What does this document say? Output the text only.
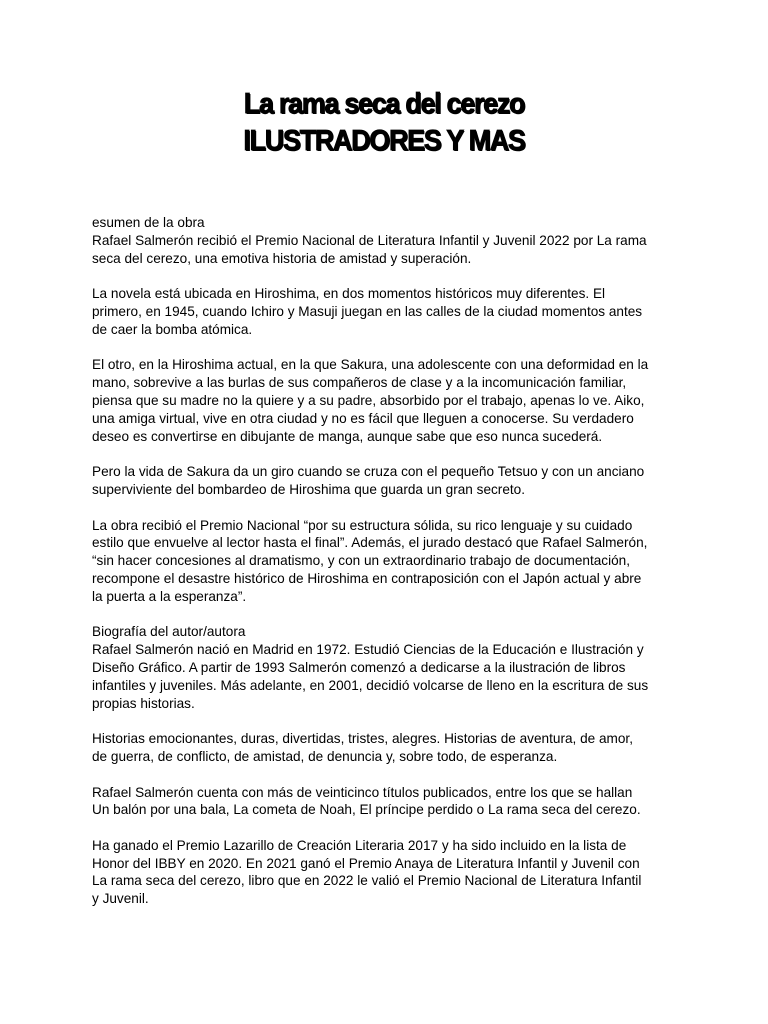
La rama seca del cerezo
ILUSTRADORES Y MAS

esumen de la obra
Rafael Salmerón recibió el Premio Nacional de Literatura Infantil y Juvenil 2022 por La rama
seca del cerezo, una emotiva historia de amistad y superación.

La novela está ubicada en Hiroshima, en dos momentos históricos muy diferentes. El
primero, en 1945, cuando Ichiro y Masuji juegan en las calles de la ciudad momentos antes
de caer la bomba atómica.

El otro, en la Hiroshima actual, en la que Sakura, una adolescente con una deformidad en la
mano, sobrevive a las burlas de sus compañeros de clase y a la incomunicación familiar,
piensa que su madre no la quiere y a su padre, absorbido por el trabajo, apenas lo ve. Aiko,
una amiga virtual, vive en otra ciudad y no es fácil que lleguen a conocerse. Su verdadero
deseo es convertirse en dibujante de manga, aunque sabe que eso nunca sucederá.

Pero la vida de Sakura da un giro cuando se cruza con el pequeño Tetsuo y con un anciano
superviviente del bombardeo de Hiroshima que guarda un gran secreto.

La obra recibió el Premio Nacional “por su estructura sólida, su rico lenguaje y su cuidado
estilo que envuelve al lector hasta el final”. Además, el jurado destacó que Rafael Salmerón,
“sin hacer concesiones al dramatismo, y con un extraordinario trabajo de documentación,
recompone el desastre histórico de Hiroshima en contraposición con el Japón actual y abre
la puerta a la esperanza”.

Biografía del autor/autora
Rafael Salmerón nació en Madrid en 1972. Estudió Ciencias de la Educación e Ilustración y
Diseño Gráfico. A partir de 1993 Salmerón comenzó a dedicarse a la ilustración de libros
infantiles y juveniles. Más adelante, en 2001, decidió volcarse de lleno en la escritura de sus
propias historias.

Historias emocionantes, duras, divertidas, tristes, alegres. Historias de aventura, de amor,
de guerra, de conflicto, de amistad, de denuncia y, sobre todo, de esperanza.

Rafael Salmerón cuenta con más de veinticinco títulos publicados, entre los que se hallan
Un balón por una bala, La cometa de Noah, El príncipe perdido o La rama seca del cerezo.

Ha ganado el Premio Lazarillo de Creación Literaria 2017 y ha sido incluido en la lista de
Honor del IBBY en 2020. En 2021 ganó el Premio Anaya de Literatura Infantil y Juvenil con
La rama seca del cerezo, libro que en 2022 le valió el Premio Nacional de Literatura Infantil
y Juvenil.
